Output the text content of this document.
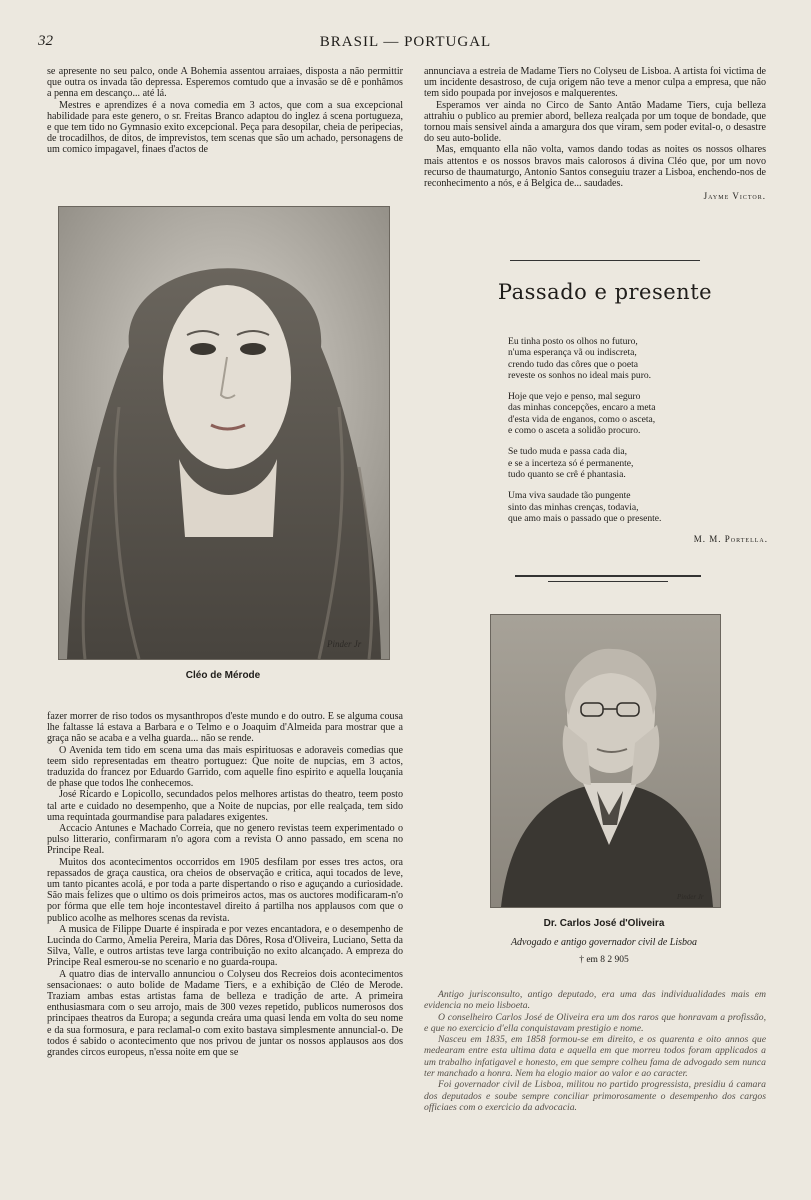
32	BRASIL — PORTUGAL

se apresente no seu palco, onde A Bohemia assentou arraiaes, disposta a não permittir que outra os invada tão depressa. Esperemos comtudo que a invasão se dê e ponhâmos a penna em descanço... até lá.

Mestres e aprendizes é a nova comedia em 3 actos, que com a sua excepcional habilidade para este genero, o sr. Freitas Branco adaptou do inglez á scena portugueza, e que tem tido no Gymnasio exito excepcional. Peça para desopilar, cheia de peripecias, de trocadilhos, de ditos, de imprevistos, tem scenas que são um achado, personagens de um comico impagavel, finaes d'actos de

Pinder Jr
Cléo de Mérode

fazer morrer de riso todos os mysanthropos d'este mundo e do outro. E se alguma cousa lhe faltasse lá estava a Barbara e o Telmo e o Joaquim d'Almeida para mostrar que a graça não se acaba e a velha guarda... não se rende.

O Avenida tem tido em scena uma das mais espirituosas e adoraveis comedias que teem sido representadas em theatro portuguez: Que noite de nupcias, em 3 actos, traduzida do francez por Eduardo Garrido, com aquelle fino espirito e aquella louçania de phase que todos lhe conhecemos.

José Ricardo e Lopicollo, secundados pelos melhores artistas do theatro, teem posto tal arte e cuidado no desempenho, que a Noite de nupcias, por elle realçada, tem sido uma requintada gourmandise para paladares exigentes.

Accacio Antunes e Machado Correia, que no genero revistas teem experimentado o pulso litterario, confirmaram n'o agora com a revista O anno passado, em scena no Principe Real.

Muitos dos acontecimentos occorridos em 1905 desfilam por esses tres actos, ora repassados de graça caustica, ora cheios de observação e critica, aqui tocados de leve, um tanto picantes acolá, e por toda a parte dispertando o riso e aguçando a curiosidade. São mais felizes que o ultimo os dois primeiros actos, mas os auctores modificaram-n'o por fórma que elle tem hoje incontestavel direito á partilha nos applausos com que o publico acolhe as melhores scenas da revista.

A musica de Filippe Duarte é inspirada e por vezes encantadora, e o desempenho de Lucinda do Carmo, Amelia Pereira, Maria das Dôres, Rosa d'Oliveira, Luciano, Setta da Silva, Valle, e outros artistas teve larga contribuição no exito alcançado. A empreza do Principe Real esmerou-se no scenario e no guarda-roupa.

A quatro dias de intervallo annunciou o Colyseu dos Recreios dois acontecimentos sensacionaes: o auto bolide de Madame Tiers, e a exhibição de Cléo de Merode. Traziam ambas estas artistas fama de belleza e tradição de arte. A primeira enthusiasmara com o seu arrojo, mais de 300 vezes repetido, publicos numerosos dos principaes theatros da Europa; a segunda creára uma quasi lenda em volta do seu nome e da sua formosura, e para reclamal-o com exito bastava simplesmente annuncial-o. De todos é sabido o acontecimento que nos privou de juntar os nossos applausos aos dos grandes circos europeus, n'essa noite em que se

annunciava a estreia de Madame Tiers no Colyseu de Lisboa. A artista foi victima de um incidente desastroso, de cuja origem não teve a menor culpa a empresa, que não tem sido poupada por invejosos e malquerentes.

Esperamos ver ainda no Circo de Santo Antão Madame Tiers, cuja belleza attrahiu o publico au premier abord, belleza realçada por um toque de bondade, que tornou mais sensivel ainda a amargura dos que viram, sem poder evital-o, o desastre do seu auto-bolide.

Mas, emquanto ella não volta, vamos dando todas as noites os nossos olhares mais attentos e os nossos bravos mais calorosos á divina Cléo que, por um novo recurso de thaumaturgo, Antonio Santos conseguiu trazer a Lisboa, enchendo-nos de reconhecimento a nós, e á Belgica de... saudades.

Jayme Victor.
Passado e presente
Eu tinha posto os olhos no futuro,
n'uma esperança vã ou indiscreta,
crendo tudo das côres que o poeta
reveste os sonhos no ideal mais puro.
Hoje que vejo e penso, mal seguro
das minhas concepções, encaro a meta
d'esta vida de enganos, como o asceta,
e como o asceta a solidão procuro.
Se tudo muda e passa cada dia,
e se a incerteza só é permanente,
tudo quanto se crê é phantasia.
Uma viva saudade tão pungente
sinto das minhas crenças, todavia,
que amo mais o passado que o presente.
M. M. Portella.
Pinder Jr
Dr. Carlos José d'Oliveira
Advogado e antigo governador civil de Lisboa
† em 8 2 905

Antigo jurisconsulto, antigo deputado, era uma das individualidades mais em evidencia no meio lisboeta.

O conselheiro Carlos José de Oliveira era um dos raros que honravam a profissão, e que no exercicio d'ella conquistavam prestigio e nome.

Nasceu em 1835, em 1858 formou-se em direito, e os quarenta e oito annos que medearam entre esta ultima data e aquella em que morreu todos foram applicados a um trabalho infatigavel e honesto, em que sempre colheu fama de advogado sem nunca ter manchado a honra. Nem ha elogio maior ao valor e ao caracter.

Foi governador civil de Lisboa, militou no partido progressista, presidiu á camara dos deputados e soube sempre conciliar primorosamente o desempenho dos cargos officiaes com o exercicio da advocacia.
